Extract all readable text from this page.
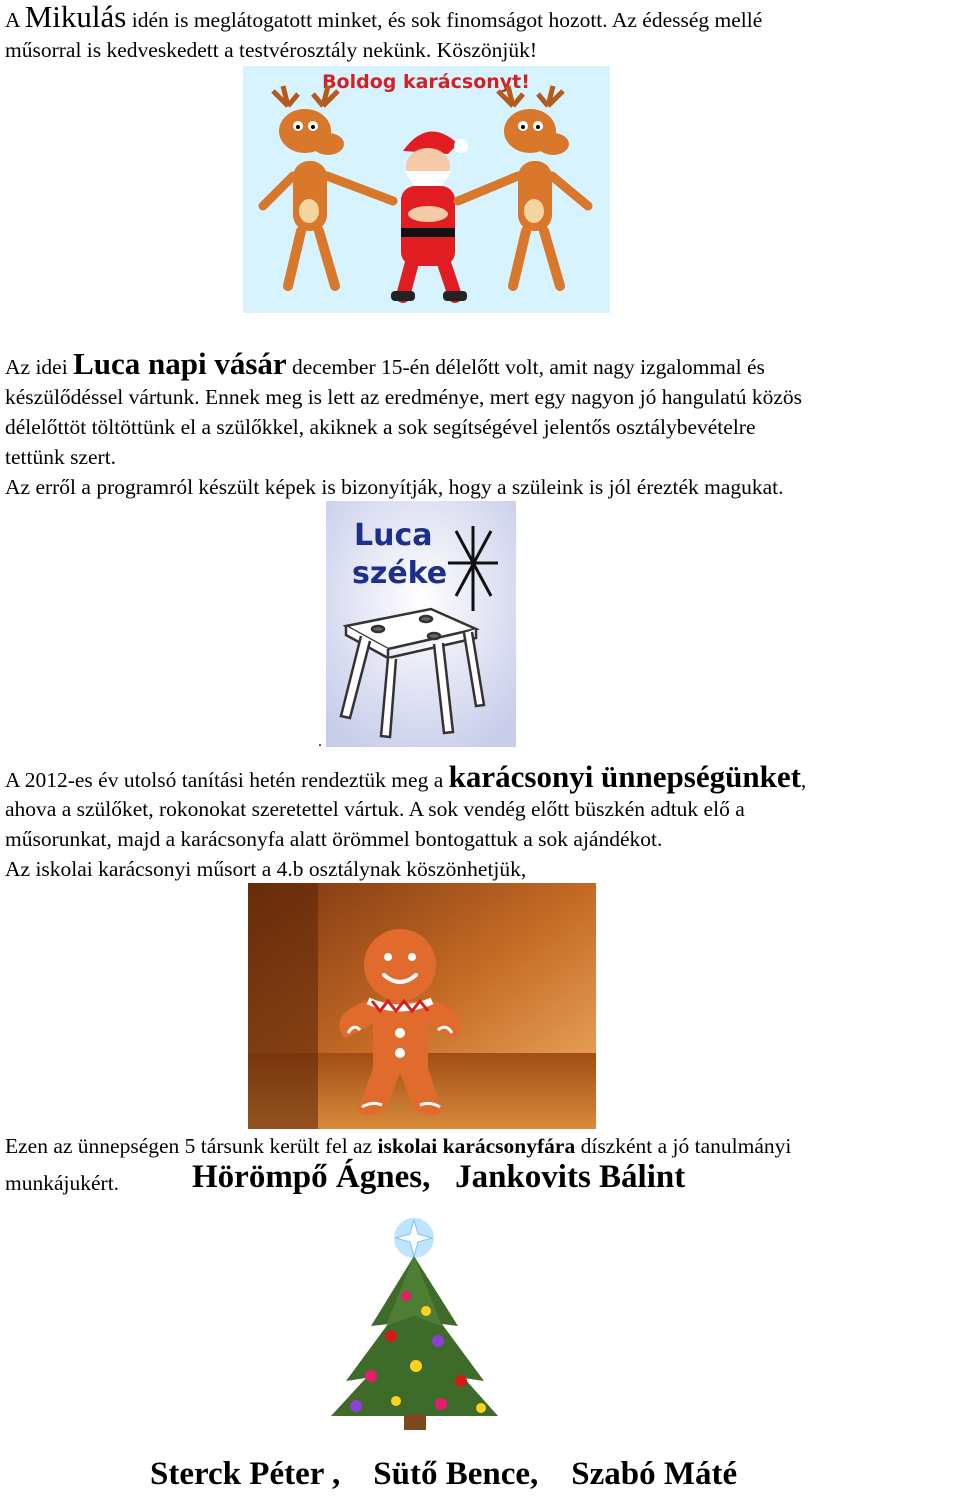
A Mikulás idén is meglátogatott minket, és sok finomságot hozott. Az édesség mellé
műsorral is kedveskedett a testvérosztály nekünk. Köszönjük!
Boldog karácsonyt!
Az idei Luca napi vásár december 15-én délelőtt volt, amit nagy izgalommal és
készülődéssel vártunk. Ennek meg is lett az eredménye, mert egy nagyon jó hangulatú közös
délelőttöt töltöttünk el a szülőkkel, akiknek a sok segítségével jelentős osztálybevételre
tettünk szert.
Az erről a programról készült képek is bizonyítják, hogy a szüleink is jól érezték magukat.
Luca
széke
.
A 2012-es év utolsó tanítási hetén rendeztük meg a karácsonyi ünnepségünket,
ahova a szülőket, rokonokat szeretettel vártuk. A sok vendég előtt büszkén adtuk elő a
műsorunkat, majd a karácsonyfa alatt örömmel bontogattuk a sok ajándékot.
Az iskolai karácsonyi műsort a 4.b osztálynak köszönhetjük,
Ezen az ünnepségen 5 társunk került fel az iskolai karácsonyfára díszként a jó tanulmányi
munkájukért. Hörömpő Ágnes,   Jankovits Bálint
Sterck Péter ,    Sütő Bence,    Szabó Máté
